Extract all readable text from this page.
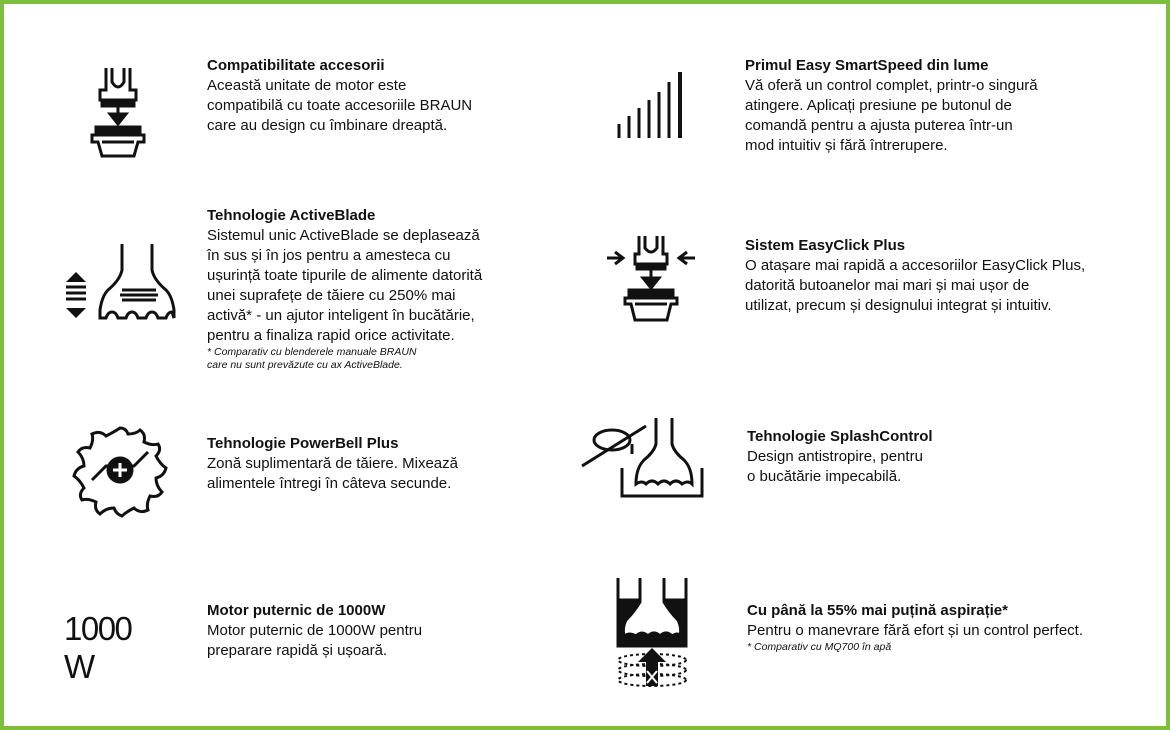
Compatibilitate accesorii
Această unitate de motor este
compatibilă cu toate accesoriile BRAUN
care au design cu îmbinare dreaptă.
Tehnologie ActiveBlade
Sistemul unic ActiveBlade se deplasează
în sus și în jos pentru a amesteca cu
ușurință toate tipurile de alimente datorită
unei suprafețe de tăiere cu 250% mai
activă* - un ajutor inteligent în bucătărie,
pentru a finaliza rapid orice activitate.
* Comparativ cu blenderele manuale BRAUN
care nu sunt prevăzute cu ax ActiveBlade.
Tehnologie PowerBell Plus
Zonă suplimentară de tăiere. Mixează
alimentele întregi în câteva secunde.
1000 W
Motor puternic de 1000W
Motor puternic de 1000W pentru
preparare rapidă și ușoară.
Primul Easy SmartSpeed din lume
Vă oferă un control complet, printr-o singură
atingere. Aplicați presiune pe butonul de
comandă pentru a ajusta puterea într-un
mod intuitiv și fără întrerupere.
Sistem EasyClick Plus
O atașare mai rapidă a accesoriilor EasyClick Plus,
datorită butoanelor mai mari și mai ușor de
utilizat, precum și designului integrat și intuitiv.
Tehnologie SplashControl
Design antistropire, pentru
o bucătărie impecabilă.
Cu până la 55% mai puțină aspirație*
Pentru o manevrare fără efort și un control perfect.
* Comparativ cu MQ700 în apă
